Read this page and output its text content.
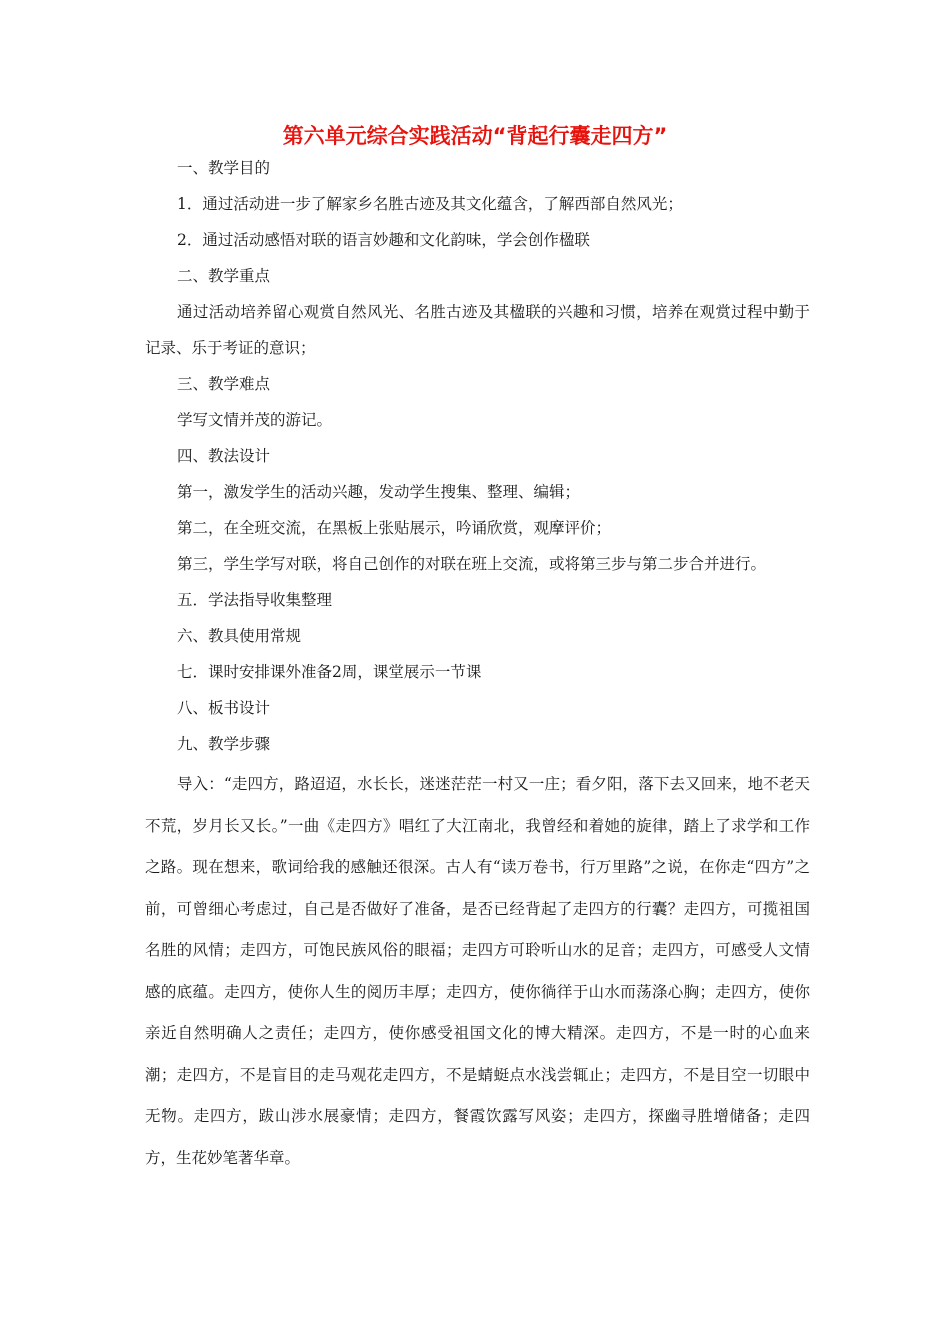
第六单元综合实践活动“背起行囊走四方”

一、教学目的

1．通过活动进一步了解家乡名胜古迹及其文化蕴含，了解西部自然风光；

2．通过活动感悟对联的语言妙趣和文化韵味，学会创作楹联

二、教学重点

通过活动培养留心观赏自然风光、名胜古迹及其楹联的兴趣和习惯，培养在观赏过程中勤于记录、乐于考证的意识；

三、教学难点

学写文情并茂的游记。

四、教法设计

第一，激发学生的活动兴趣，发动学生搜集、整理、编辑；

第二，在全班交流，在黑板上张贴展示，吟诵欣赏，观摩评价；

第三，学生学写对联，将自己创作的对联在班上交流，或将第三步与第二步合并进行。

五．学法指导收集整理

六、教具使用常规

七．课时安排课外准备2周，课堂展示一节课

八、板书设计

九、教学步骤

导入：“走四方，路迢迢，水长长，迷迷茫茫一村又一庄；看夕阳，落下去又回来，地不老天不荒，岁月长又长。”一曲《走四方》唱红了大江南北，我曾经和着她的旋律，踏上了求学和工作之路。现在想来，歌词给我的感触还很深。古人有“读万卷书，行万里路”之说，在你走“四方”之前，可曾细心考虑过，自己是否做好了准备，是否已经背起了走四方的行囊？走四方，可揽祖国名胜的风情；走四方，可饱民族风俗的眼福；走四方可聆听山水的足音；走四方，可感受人文情感的底蕴。走四方，使你人生的阅历丰厚；走四方，使你徜徉于山水而荡涤心胸；走四方，使你亲近自然明确人之责任；走四方，使你感受祖国文化的博大精深。走四方，不是一时的心血来潮；走四方，不是盲目的走马观花走四方，不是蜻蜓点水浅尝辄止；走四方，不是目空一切眼中无物。走四方，跋山涉水展豪情；走四方，餐霞饮露写风姿；走四方，探幽寻胜增储备；走四方，生花妙笔著华章。
